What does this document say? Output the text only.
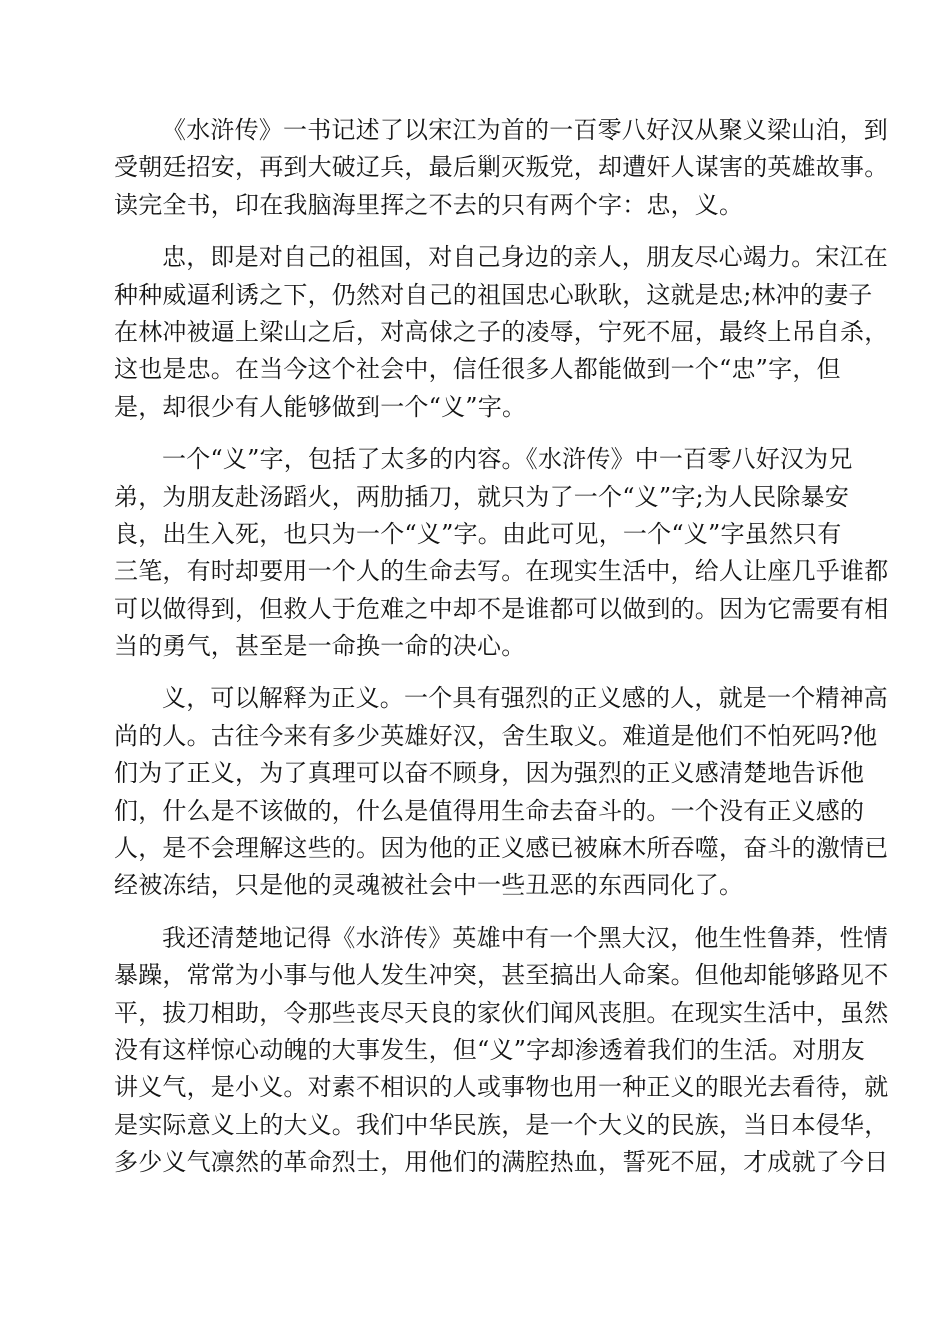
《水浒传》一书记述了以宋江为首的一百零八好汉从聚义梁山泊，到
受朝廷招安，再到大破辽兵，最后剿灭叛党，却遭奸人谋害的英雄故事。
读完全书，印在我脑海里挥之不去的只有两个字：忠，义。
忠，即是对自己的祖国，对自己身边的亲人，朋友尽心竭力。宋江在
种种威逼利诱之下，仍然对自己的祖国忠心耿耿，这就是忠;林冲的妻子
在林冲被逼上梁山之后，对高俅之子的凌辱，宁死不屈，最终上吊自杀，
这也是忠。在当今这个社会中，信任很多人都能做到一个“忠”字，但
是，却很少有人能够做到一个“义”字。
一个“义”字，包括了太多的内容。《水浒传》中一百零八好汉为兄
弟，为朋友赴汤蹈火，两肋插刀，就只为了一个“义”字;为人民除暴安
良，出生入死，也只为一个“义”字。由此可见，一个“义”字虽然只有
三笔，有时却要用一个人的生命去写。在现实生活中，给人让座几乎谁都
可以做得到，但救人于危难之中却不是谁都可以做到的。因为它需要有相
当的勇气，甚至是一命换一命的决心。
义，可以解释为正义。一个具有强烈的正义感的人，就是一个精神高
尚的人。古往今来有多少英雄好汉，舍生取义。难道是他们不怕死吗?他
们为了正义，为了真理可以奋不顾身，因为强烈的正义感清楚地告诉他
们，什么是不该做的，什么是值得用生命去奋斗的。一个没有正义感的
人，是不会理解这些的。因为他的正义感已被麻木所吞噬，奋斗的激情已
经被冻结，只是他的灵魂被社会中一些丑恶的东西同化了。
我还清楚地记得《水浒传》英雄中有一个黑大汉，他生性鲁莽，性情
暴躁，常常为小事与他人发生冲突，甚至搞出人命案。但他却能够路见不
平，拔刀相助，令那些丧尽天良的家伙们闻风丧胆。在现实生活中，虽然
没有这样惊心动魄的大事发生，但“义”字却渗透着我们的生活。对朋友
讲义气，是小义。对素不相识的人或事物也用一种正义的眼光去看待，就
是实际意义上的大义。我们中华民族，是一个大义的民族，当日本侵华，
多少义气凛然的革命烈士，用他们的满腔热血，誓死不屈，才成就了今日
